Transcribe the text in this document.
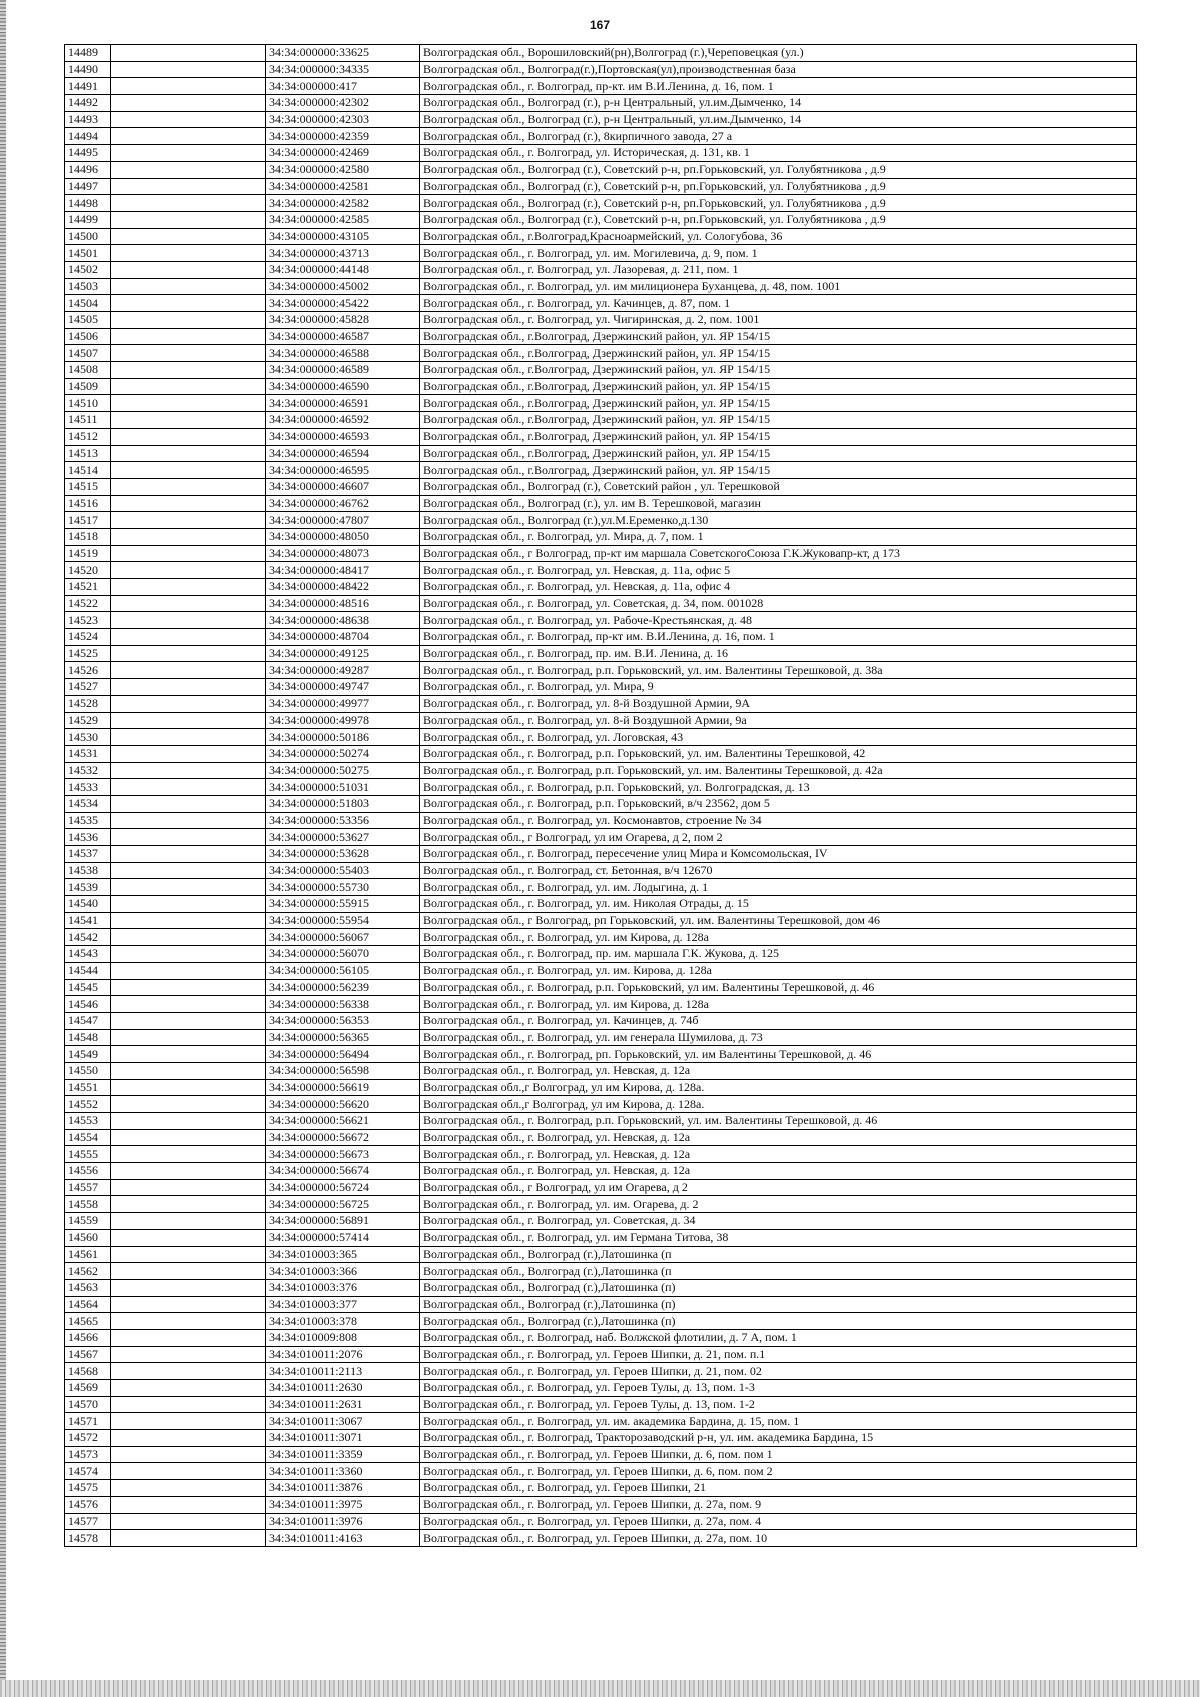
167
14489		34:34:000000:33625	Волгоградская обл., Ворошиловский(рн),Волгоград (г.),Череповецкая (ул.)
14490		34:34:000000:34335	Волгоградская обл., Волгоград(г.),Портовская(ул),производственная база
14491		34:34:000000:417	Волгоградская обл., г. Волгоград, пр-кт. им В.И.Ленина, д. 16, пом. 1
14492		34:34:000000:42302	Волгоградская обл., Волгоград (г.), р-н Центральный, ул.им.Дымченко, 14
14493		34:34:000000:42303	Волгоградская обл., Волгоград (г.), р-н Центральный, ул.им.Дымченко, 14
14494		34:34:000000:42359	Волгоградская обл., Волгоград (г.), 8кирпичного завода, 27 а
14495		34:34:000000:42469	Волгоградская обл., г. Волгоград, ул. Историческая, д. 131, кв. 1
14496		34:34:000000:42580	Волгоградская обл., Волгоград (г.), Советский р-н, рп.Горьковский, ул. Голубятникова , д.9
14497		34:34:000000:42581	Волгоградская обл., Волгоград (г.), Советский р-н, рп.Горьковский, ул. Голубятникова , д.9
14498		34:34:000000:42582	Волгоградская обл., Волгоград (г.), Советский р-н, рп.Горьковский, ул. Голубятникова , д.9
14499		34:34:000000:42585	Волгоградская обл., Волгоград (г.), Советский р-н, рп.Горьковский, ул. Голубятникова , д.9
14500		34:34:000000:43105	Волгоградская обл., г.Волгоград,Красноармейский, ул. Сологубова, 36
14501		34:34:000000:43713	Волгоградская обл., г. Волгоград, ул. им. Могилевича, д. 9, пом. 1
14502		34:34:000000:44148	Волгоградская обл., г. Волгоград, ул. Лазоревая, д. 211, пом. 1
14503		34:34:000000:45002	Волгоградская обл., г. Волгоград, ул. им милиционера Буханцева, д. 48, пом. 1001
14504		34:34:000000:45422	Волгоградская обл., г. Волгоград, ул. Качинцев, д. 87, пом. 1
14505		34:34:000000:45828	Волгоградская обл., г. Волгоград, ул. Чигиринская, д. 2, пом. 1001
14506		34:34:000000:46587	Волгоградская обл., г.Волгоград, Дзержинский район, ул. ЯР 154/15
14507		34:34:000000:46588	Волгоградская обл., г.Волгоград, Дзержинский район, ул. ЯР 154/15
14508		34:34:000000:46589	Волгоградская обл., г.Волгоград, Дзержинский район, ул. ЯР 154/15
14509		34:34:000000:46590	Волгоградская обл., г.Волгоград, Дзержинский район, ул. ЯР 154/15
14510		34:34:000000:46591	Волгоградская обл., г.Волгоград, Дзержинский район, ул. ЯР 154/15
14511		34:34:000000:46592	Волгоградская обл., г.Волгоград, Дзержинский район, ул. ЯР 154/15
14512		34:34:000000:46593	Волгоградская обл., г.Волгоград, Дзержинский район, ул. ЯР 154/15
14513		34:34:000000:46594	Волгоградская обл., г.Волгоград, Дзержинский район, ул. ЯР 154/15
14514		34:34:000000:46595	Волгоградская обл., г.Волгоград, Дзержинский район, ул. ЯР 154/15
14515		34:34:000000:46607	Волгоградская обл., Волгоград (г.), Советский район , ул. Терешковой
14516		34:34:000000:46762	Волгоградская обл., Волгоград (г.), ул. им В. Терешковой, магазин
14517		34:34:000000:47807	Волгоградская обл., Волгоград (г.),ул.М.Еременко,д.130
14518		34:34:000000:48050	Волгоградская обл., г. Волгоград, ул. Мира, д. 7, пом. 1
14519		34:34:000000:48073	Волгоградская обл., г Волгоград, пр-кт им маршала СоветскогоСоюза Г.К.Жуковапр-кт, д 173
14520		34:34:000000:48417	Волгоградская обл., г. Волгоград, ул. Невская, д. 11а, офис 5
14521		34:34:000000:48422	Волгоградская обл., г. Волгоград, ул. Невская, д. 11а, офис 4
14522		34:34:000000:48516	Волгоградская обл., г. Волгоград, ул. Советская, д. 34, пом. 001028
14523		34:34:000000:48638	Волгоградская обл., г. Волгоград, ул. Рабоче-Крестьянская, д. 48
14524		34:34:000000:48704	Волгоградская обл., г. Волгоград, пр-кт им. В.И.Ленина, д. 16, пом. 1
14525		34:34:000000:49125	Волгоградская обл., г. Волгоград, пр. им. В.И. Ленина, д. 16
14526		34:34:000000:49287	Волгоградская обл., г. Волгоград, р.п. Горьковский, ул. им. Валентины Терешковой, д. 38а
14527		34:34:000000:49747	Волгоградская обл., г. Волгоград, ул. Мира, 9
14528		34:34:000000:49977	Волгоградская обл., г. Волгоград, ул. 8-й Воздушной Армии, 9А
14529		34:34:000000:49978	Волгоградская обл., г. Волгоград, ул. 8-й Воздушной Армии, 9а
14530		34:34:000000:50186	Волгоградская обл., г. Волгоград, ул. Логовская, 43
14531		34:34:000000:50274	Волгоградская обл., г. Волгоград, р.п. Горьковский, ул. им. Валентины Терешковой, 42
14532		34:34:000000:50275	Волгоградская обл., г. Волгоград, р.п. Горьковский, ул. им. Валентины Терешковой, д. 42а
14533		34:34:000000:51031	Волгоградская обл., г. Волгоград, р.п. Горьковский, ул. Волгоградская, д. 13
14534		34:34:000000:51803	Волгоградская обл., г. Волгоград, р.п. Горьковский, в/ч 23562, дом 5
14535		34:34:000000:53356	Волгоградская обл., г. Волгоград, ул. Космонавтов, строение № 34
14536		34:34:000000:53627	Волгоградская обл., г Волгоград, ул им Огарева, д 2, пом 2
14537		34:34:000000:53628	Волгоградская обл., г. Волгоград, пересечение улиц Мира и Комсомольская, IV
14538		34:34:000000:55403	Волгоградская обл., г. Волгоград, ст. Бетонная, в/ч 12670
14539		34:34:000000:55730	Волгоградская обл., г. Волгоград, ул. им. Лодыгина, д. 1
14540		34:34:000000:55915	Волгоградская обл., г. Волгоград, ул. им. Николая Отрады, д. 15
14541		34:34:000000:55954	Волгоградская обл., г Волгоград, рп Горьковский, ул. им. Валентины Терешковой, дом 46
14542		34:34:000000:56067	Волгоградская обл., г. Волгоград, ул. им Кирова, д. 128а
14543		34:34:000000:56070	Волгоградская обл., г. Волгоград, пр. им. маршала Г.К. Жукова, д. 125
14544		34:34:000000:56105	Волгоградская обл., г. Волгоград, ул. им. Кирова, д. 128а
14545		34:34:000000:56239	Волгоградская обл., г. Волгоград, р.п. Горьковский, ул им. Валентины Терешковой, д. 46
14546		34:34:000000:56338	Волгоградская обл., г. Волгоград, ул. им Кирова, д. 128а
14547		34:34:000000:56353	Волгоградская обл., г. Волгоград, ул. Качинцев, д. 74б
14548		34:34:000000:56365	Волгоградская обл., г. Волгоград, ул. им генерала Шумилова, д. 73
14549		34:34:000000:56494	Волгоградская обл., г. Волгоград, рп. Горьковский, ул. им Валентины Терешковой, д. 46
14550		34:34:000000:56598	Волгоградская обл., г. Волгоград, ул. Невская, д. 12а
14551		34:34:000000:56619	Волгоградская обл.,г Волгоград, ул им Кирова, д. 128а.
14552		34:34:000000:56620	Волгоградская обл.,г Волгоград, ул им Кирова, д. 128а.
14553		34:34:000000:56621	Волгоградская обл., г. Волгоград, р.п. Горьковский, ул. им. Валентины Терешковой, д. 46
14554		34:34:000000:56672	Волгоградская обл., г. Волгоград, ул. Невская, д. 12а
14555		34:34:000000:56673	Волгоградская обл., г. Волгоград, ул. Невская, д. 12а
14556		34:34:000000:56674	Волгоградская обл., г. Волгоград, ул. Невская, д. 12а
14557		34:34:000000:56724	Волгоградская обл., г Волгоград, ул им Огарева, д 2
14558		34:34:000000:56725	Волгоградская обл., г. Волгоград, ул. им. Огарева, д. 2
14559		34:34:000000:56891	Волгоградская обл., г. Волгоград, ул. Советская, д. 34
14560		34:34:000000:57414	Волгоградская обл., г. Волгоград, ул. им Германа Титова, 38
14561		34:34:010003:365	Волгоградская обл., Волгоград (г.),Латошинка (п
14562		34:34:010003:366	Волгоградская обл., Волгоград (г.),Латошинка (п
14563		34:34:010003:376	Волгоградская обл., Волгоград (г.),Латошинка (п)
14564		34:34:010003:377	Волгоградская обл., Волгоград (г.),Латошинка (п)
14565		34:34:010003:378	Волгоградская обл., Волгоград (г.),Латошинка (п)
14566		34:34:010009:808	Волгоградская обл., г. Волгоград, наб. Волжской флотилии, д. 7 А, пом. 1
14567		34:34:010011:2076	Волгоградская обл., г. Волгоград, ул. Героев Шипки, д. 21, пом. п.1
14568		34:34:010011:2113	Волгоградская обл., г. Волгоград, ул. Героев Шипки, д. 21, пом. 02
14569		34:34:010011:2630	Волгоградская обл., г. Волгоград, ул. Героев Тулы, д. 13, пом. 1-3
14570		34:34:010011:2631	Волгоградская обл., г. Волгоград, ул. Героев Тулы, д. 13, пом. 1-2
14571		34:34:010011:3067	Волгоградская обл., г. Волгоград, ул. им. академика Бардина, д. 15, пом. 1
14572		34:34:010011:3071	Волгоградская обл., г. Волгоград, Тракторозаводский р-н, ул. им. академика Бардина, 15
14573		34:34:010011:3359	Волгоградская обл., г. Волгоград, ул. Героев Шипки, д. 6, пом. пом 1
14574		34:34:010011:3360	Волгоградская обл., г. Волгоград, ул. Героев Шипки, д. 6, пом. пом 2
14575		34:34:010011:3876	Волгоградская обл., г. Волгоград, ул. Героев Шипки, 21
14576		34:34:010011:3975	Волгоградская обл., г. Волгоград, ул. Героев Шипки, д. 27а, пом. 9
14577		34:34:010011:3976	Волгоградская обл., г. Волгоград, ул. Героев Шипки, д. 27а, пом. 4
14578		34:34:010011:4163	Волгоградская обл., г. Волгоград, ул. Героев Шипки, д. 27а, пом. 10
